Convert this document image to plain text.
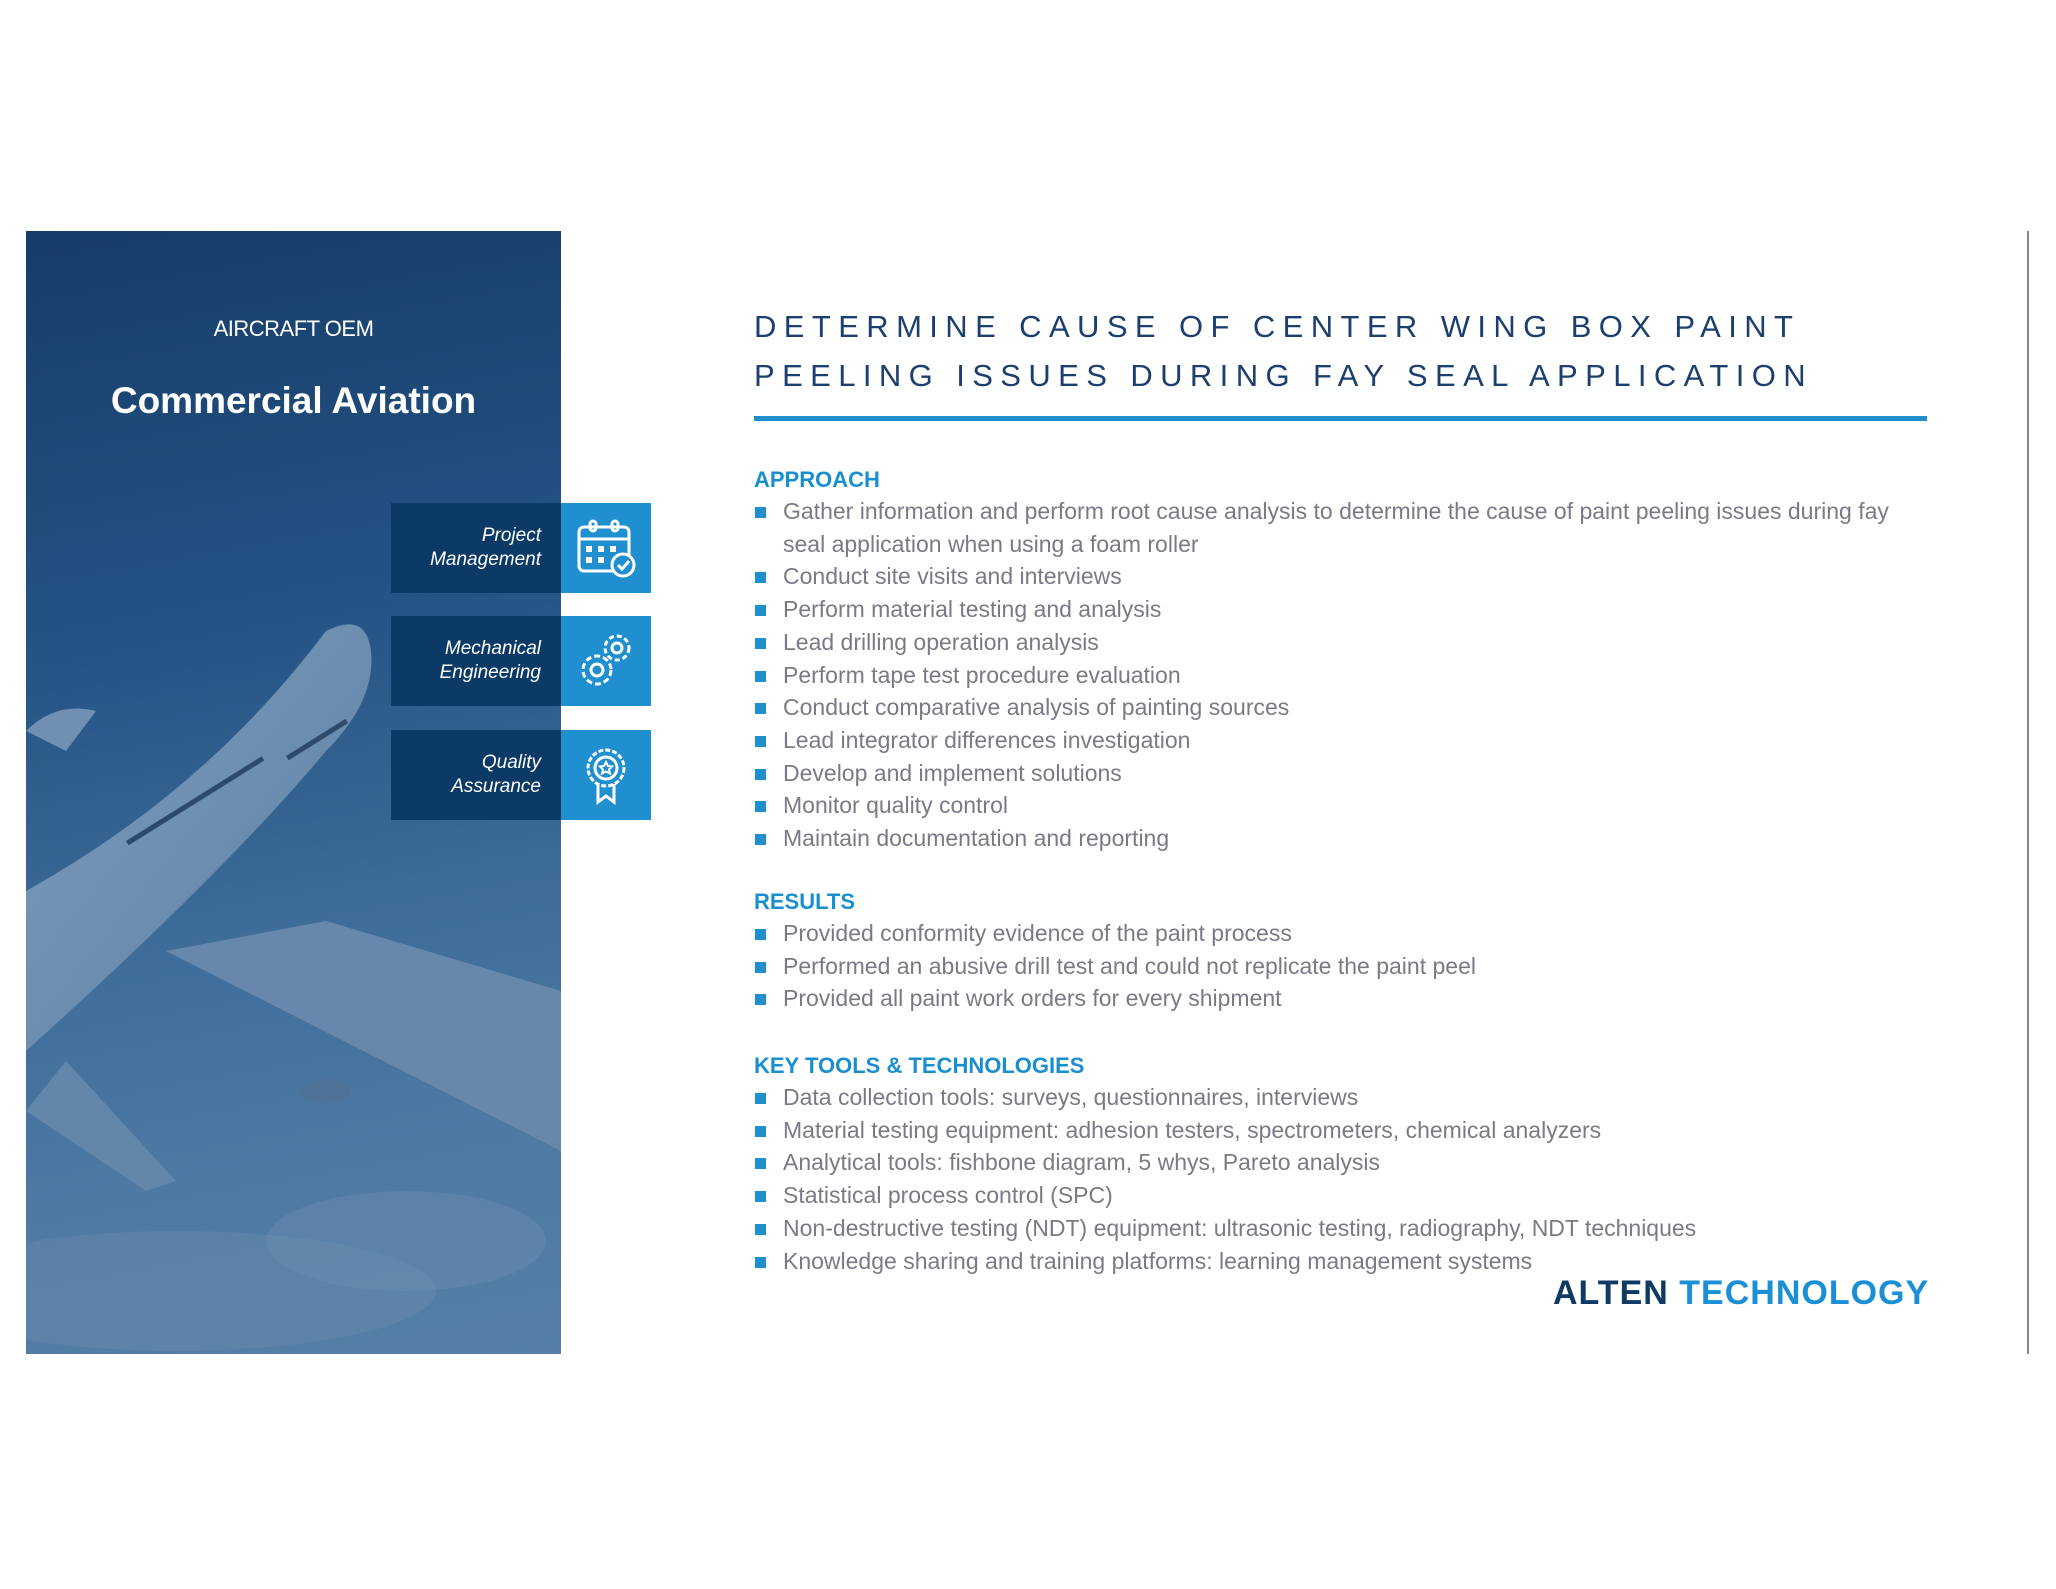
AIRCRAFT OEM
Commercial Aviation
Project Management
Mechanical Engineering
Quality Assurance
DETERMINE CAUSE OF CENTER WING BOX PAINT
PEELING ISSUES DURING FAY SEAL APPLICATION
APPROACH
Gather information and perform root cause analysis to determine the cause of paint peeling issues during fay seal application when using a foam roller
Conduct site visits and interviews
Perform material testing and analysis
Lead drilling operation analysis
Perform tape test procedure evaluation
Conduct comparative analysis of painting sources
Lead integrator differences investigation
Develop and implement solutions
Monitor quality control
Maintain documentation and reporting
RESULTS
Provided conformity evidence of the paint process
Performed an abusive drill test and could not replicate the paint peel
Provided all paint work orders for every shipment
KEY TOOLS & TECHNOLOGIES
Data collection tools: surveys, questionnaires, interviews
Material testing equipment: adhesion testers, spectrometers, chemical analyzers
Analytical tools: fishbone diagram, 5 whys, Pareto analysis
Statistical process control (SPC)
Non-destructive testing (NDT) equipment: ultrasonic testing, radiography, NDT techniques
Knowledge sharing and training platforms: learning management systems
ALTEN TECHNOLOGY
